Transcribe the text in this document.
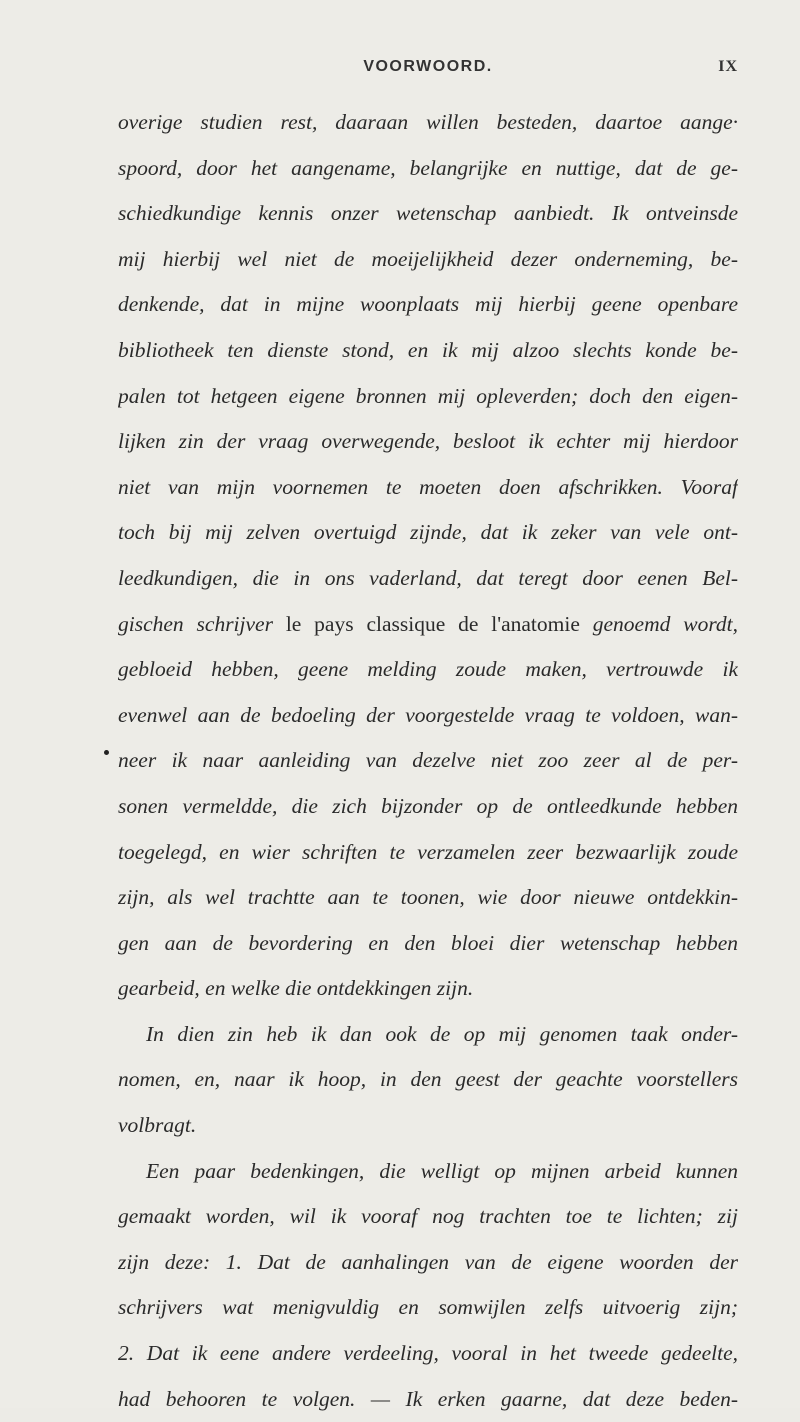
VOORWOORD.	IX
overige studien rest, daaraan willen besteden, daartoe aange·
spoord, door het aangename, belangrijke en nuttige, dat de ge-
schiedkundige kennis onzer wetenschap aanbiedt. Ik ontveinsde
mij hierbij wel niet de moeijelijkheid dezer onderneming, be-
denkende, dat in mijne woonplaats mij hierbij geene openbare
bibliotheek ten dienste stond, en ik mij alzoo slechts konde be-
palen tot hetgeen eigene bronnen mij opleverden; doch den eigen-
lijken zin der vraag overwegende, besloot ik echter mij hierdoor
niet van mijn voornemen te moeten doen afschrikken. Vooraf
toch bij mij zelven overtuigd zijnde, dat ik zeker van vele ont-
leedkundigen, die in ons vaderland, dat teregt door eenen Bel-
gischen schrijver le pays classique de l'anatomie genoemd wordt,
gebloeid hebben, geene melding zoude maken, vertrouwde ik
evenwel aan de bedoeling der voorgestelde vraag te voldoen, wan-
neer ik naar aanleiding van dezelve niet zoo zeer al de per-
sonen vermeldde, die zich bijzonder op de ontleedkunde hebben
toegelegd, en wier schriften te verzamelen zeer bezwaarlijk zoude
zijn, als wel trachtte aan te toonen, wie door nieuwe ontdekkin-
gen aan de bevordering en den bloei dier wetenschap hebben
gearbeid, en welke die ontdekkingen zijn.
In dien zin heb ik dan ook de op mij genomen taak onder-
nomen, en, naar ik hoop, in den geest der geachte voorstellers
volbragt.
Een paar bedenkingen, die welligt op mijnen arbeid kunnen
gemaakt worden, wil ik vooraf nog trachten toe te lichten; zij
zijn deze: 1. Dat de aanhalingen van de eigene woorden der
schrijvers wat menigvuldig en somwijlen zelfs uitvoerig zijn;
2. Dat ik eene andere verdeeling, vooral in het tweede gedeelte,
had behooren te volgen. — Ik erken gaarne, dat deze beden-
